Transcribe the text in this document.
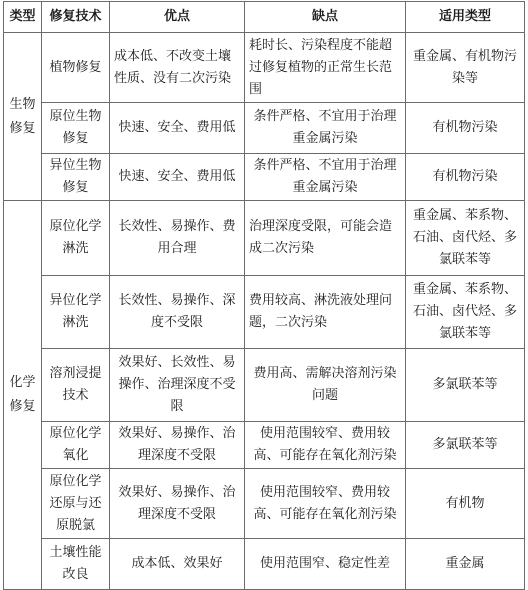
类型	修复技术	优点	缺点	适用类型
生物修复	植物修复	成本低、不改变土壤性质、没有二次污染	耗时长、污染程度不能超过修复植物的正常生长范围	重金属、有机物污染等
	原位生物修复	快速、安全、费用低	条件严格、不宜用于治理重金属污染	有机物污染
	异位生物修复	快速、安全、费用低	条件严格、不宜用于治理重金属污染	有机物污染
化学修复	原位化学淋洗	长效性、易操作、费用合理	治理深度受限，可能会造成二次污染	重金属、苯系物、石油、卤代烃、多氯联苯等
	异位化学淋洗	长效性、易操作、深度不受限	费用较高、淋洗液处理问题，二次污染	重金属、苯系物、石油、卤代烃、多氯联苯等
	溶剂浸提技术	效果好、长效性、易操作、治理深度不受限	费用高、需解决溶剂污染问题	多氯联苯等
	原位化学氧化	效果好、易操作、治理深度不受限	使用范围较窄、费用较高、可能存在氧化剂污染	多氯联苯等
	原位化学还原与还原脱氯	效果好、易操作、治理深度不受限	使用范围较窄、费用较高、可能存在氧化剂污染	有机物
	土壤性能改良	成本低、效果好	使用范围窄、稳定性差	重金属
